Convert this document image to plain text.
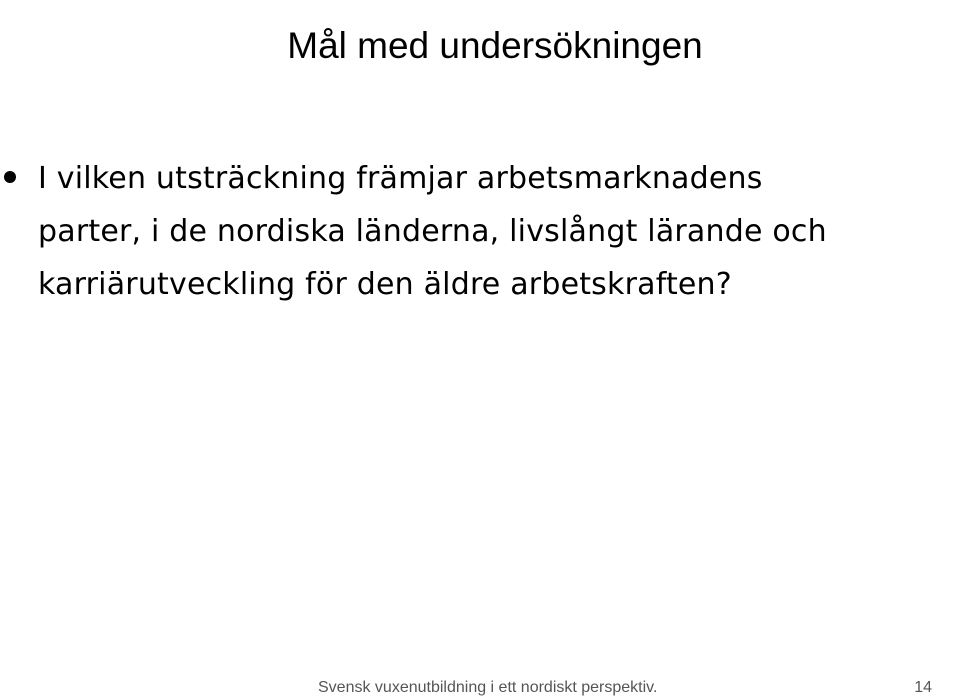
Mål med undersökningen
I vilken utsträckning främjar arbetsmarknadens
parter, i de nordiska länderna, livslångt lärande och
karriärutveckling för den äldre arbetskraften?
Svensk vuxenutbildning i ett nordiskt perspektiv.	14
